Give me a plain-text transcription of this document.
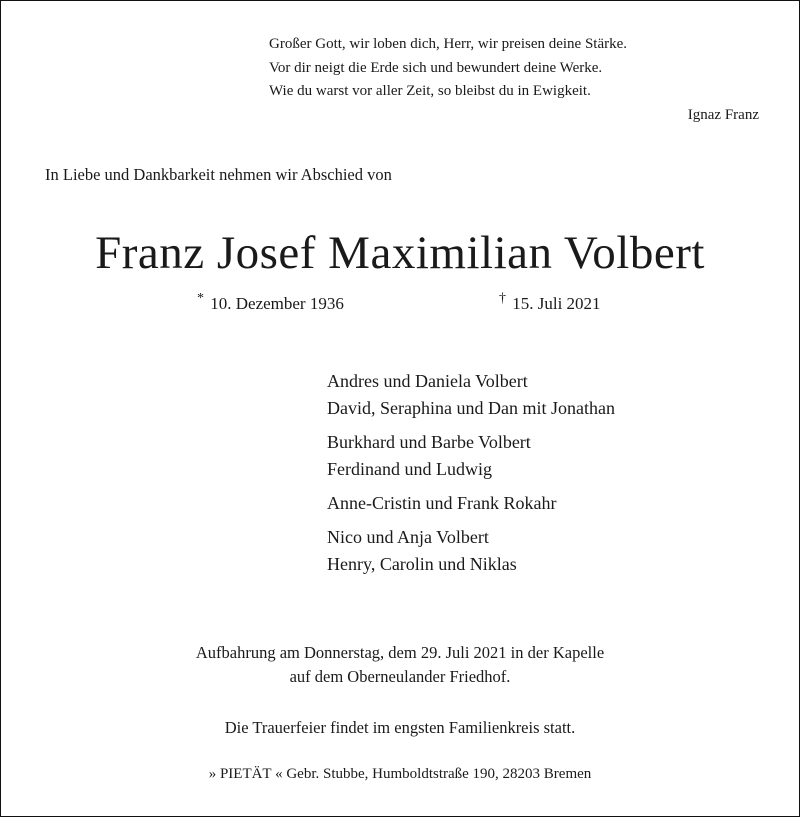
Großer Gott, wir loben dich, Herr, wir preisen deine Stärke.
Vor dir neigt die Erde sich und bewundert deine Werke.
Wie du warst vor aller Zeit, so bleibst du in Ewigkeit.
Ignaz Franz
In Liebe und Dankbarkeit nehmen wir Abschied von
Franz Josef Maximilian Volbert
* 10. Dezember 1936	† 15. Juli 2021
Andres und Daniela Volbert
David, Seraphina und Dan mit Jonathan
Burkhard und Barbe Volbert
Ferdinand und Ludwig
Anne-Cristin und Frank Rokahr
Nico und Anja Volbert
Henry, Carolin und Niklas
Aufbahrung am Donnerstag, dem 29. Juli 2021 in der Kapelle
auf dem Oberneulander Friedhof.
Die Trauerfeier findet im engsten Familienkreis statt.
» PIETÄT « Gebr. Stubbe, Humboldtstraße 190, 28203 Bremen
